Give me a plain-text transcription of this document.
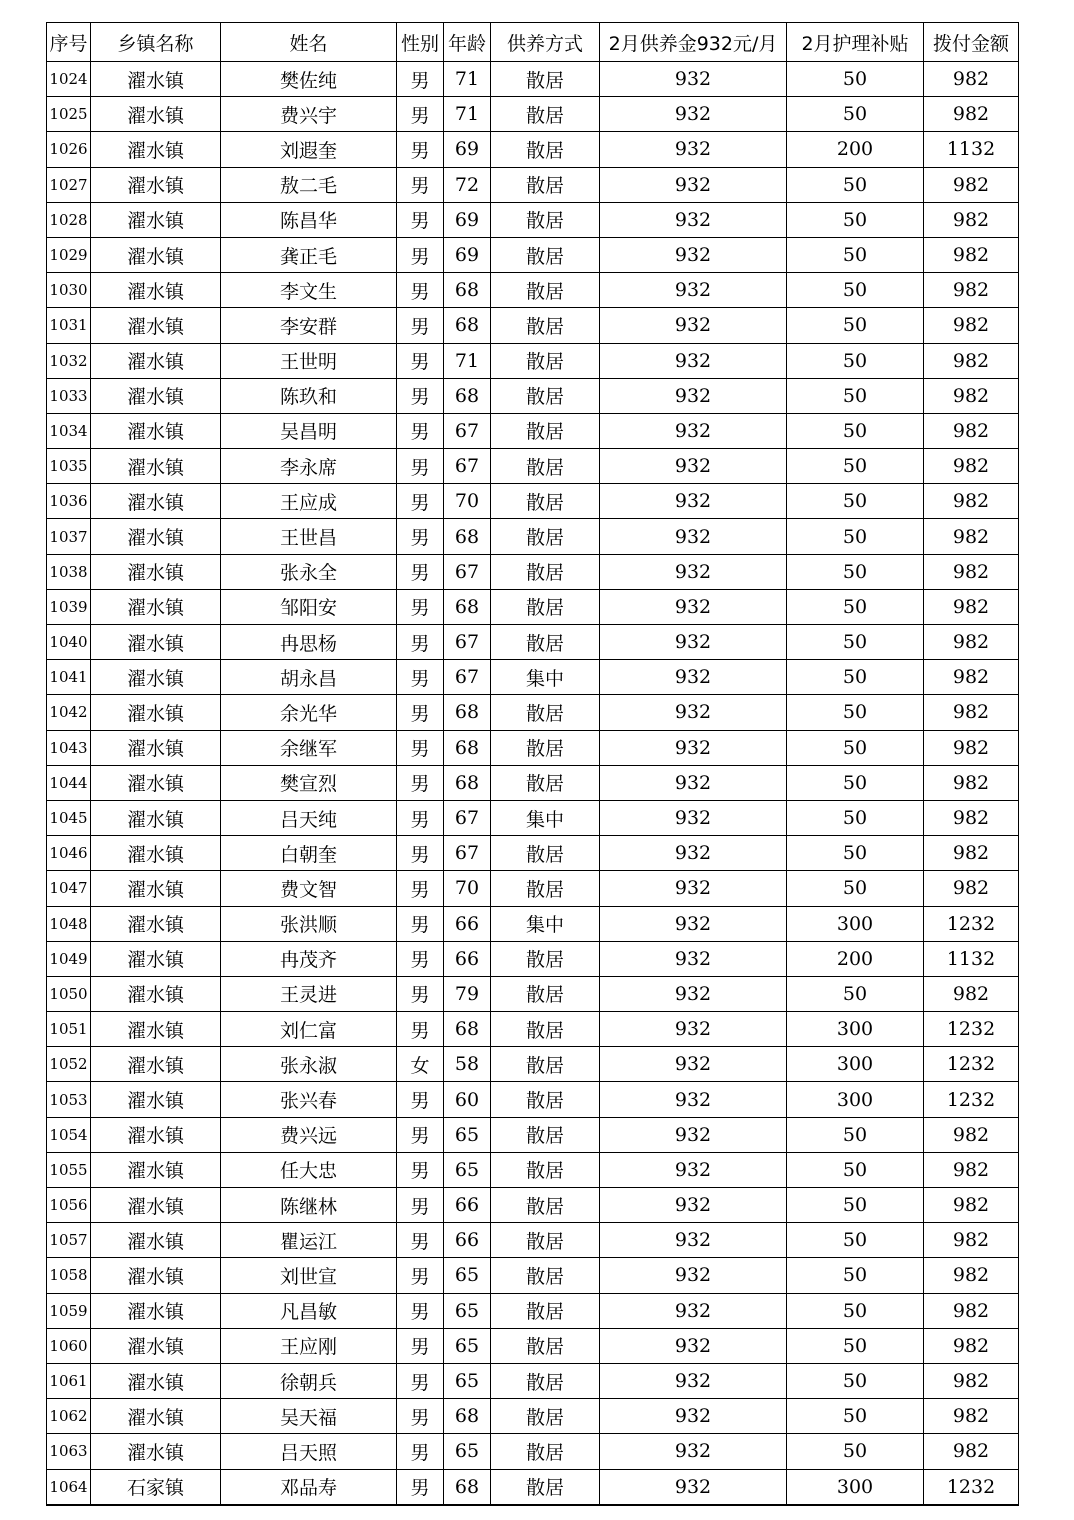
序号	乡镇名称	姓名	性别	年龄	供养方式	2月供养金932元/月	2月护理补贴	拨付金额
1024	濯水镇	樊佐纯	男	71	散居	932	50	982
1025	濯水镇	费兴宇	男	71	散居	932	50	982
1026	濯水镇	刘遐奎	男	69	散居	932	200	1132
1027	濯水镇	敖二毛	男	72	散居	932	50	982
1028	濯水镇	陈昌华	男	69	散居	932	50	982
1029	濯水镇	龚正毛	男	69	散居	932	50	982
1030	濯水镇	李文生	男	68	散居	932	50	982
1031	濯水镇	李安群	男	68	散居	932	50	982
1032	濯水镇	王世明	男	71	散居	932	50	982
1033	濯水镇	陈玖和	男	68	散居	932	50	982
1034	濯水镇	吴昌明	男	67	散居	932	50	982
1035	濯水镇	李永席	男	67	散居	932	50	982
1036	濯水镇	王应成	男	70	散居	932	50	982
1037	濯水镇	王世昌	男	68	散居	932	50	982
1038	濯水镇	张永全	男	67	散居	932	50	982
1039	濯水镇	邹阳安	男	68	散居	932	50	982
1040	濯水镇	冉思杨	男	67	散居	932	50	982
1041	濯水镇	胡永昌	男	67	集中	932	50	982
1042	濯水镇	余光华	男	68	散居	932	50	982
1043	濯水镇	余继军	男	68	散居	932	50	982
1044	濯水镇	樊宣烈	男	68	散居	932	50	982
1045	濯水镇	吕天纯	男	67	集中	932	50	982
1046	濯水镇	白朝奎	男	67	散居	932	50	982
1047	濯水镇	费文智	男	70	散居	932	50	982
1048	濯水镇	张洪顺	男	66	集中	932	300	1232
1049	濯水镇	冉茂齐	男	66	散居	932	200	1132
1050	濯水镇	王灵进	男	79	散居	932	50	982
1051	濯水镇	刘仁富	男	68	散居	932	300	1232
1052	濯水镇	张永淑	女	58	散居	932	300	1232
1053	濯水镇	张兴春	男	60	散居	932	300	1232
1054	濯水镇	费兴远	男	65	散居	932	50	982
1055	濯水镇	任大忠	男	65	散居	932	50	982
1056	濯水镇	陈继林	男	66	散居	932	50	982
1057	濯水镇	瞿运江	男	66	散居	932	50	982
1058	濯水镇	刘世宣	男	65	散居	932	50	982
1059	濯水镇	凡昌敏	男	65	散居	932	50	982
1060	濯水镇	王应刚	男	65	散居	932	50	982
1061	濯水镇	徐朝兵	男	65	散居	932	50	982
1062	濯水镇	吴天福	男	68	散居	932	50	982
1063	濯水镇	吕天照	男	65	散居	932	50	982
1064	石家镇	邓品寿	男	68	散居	932	300	1232
